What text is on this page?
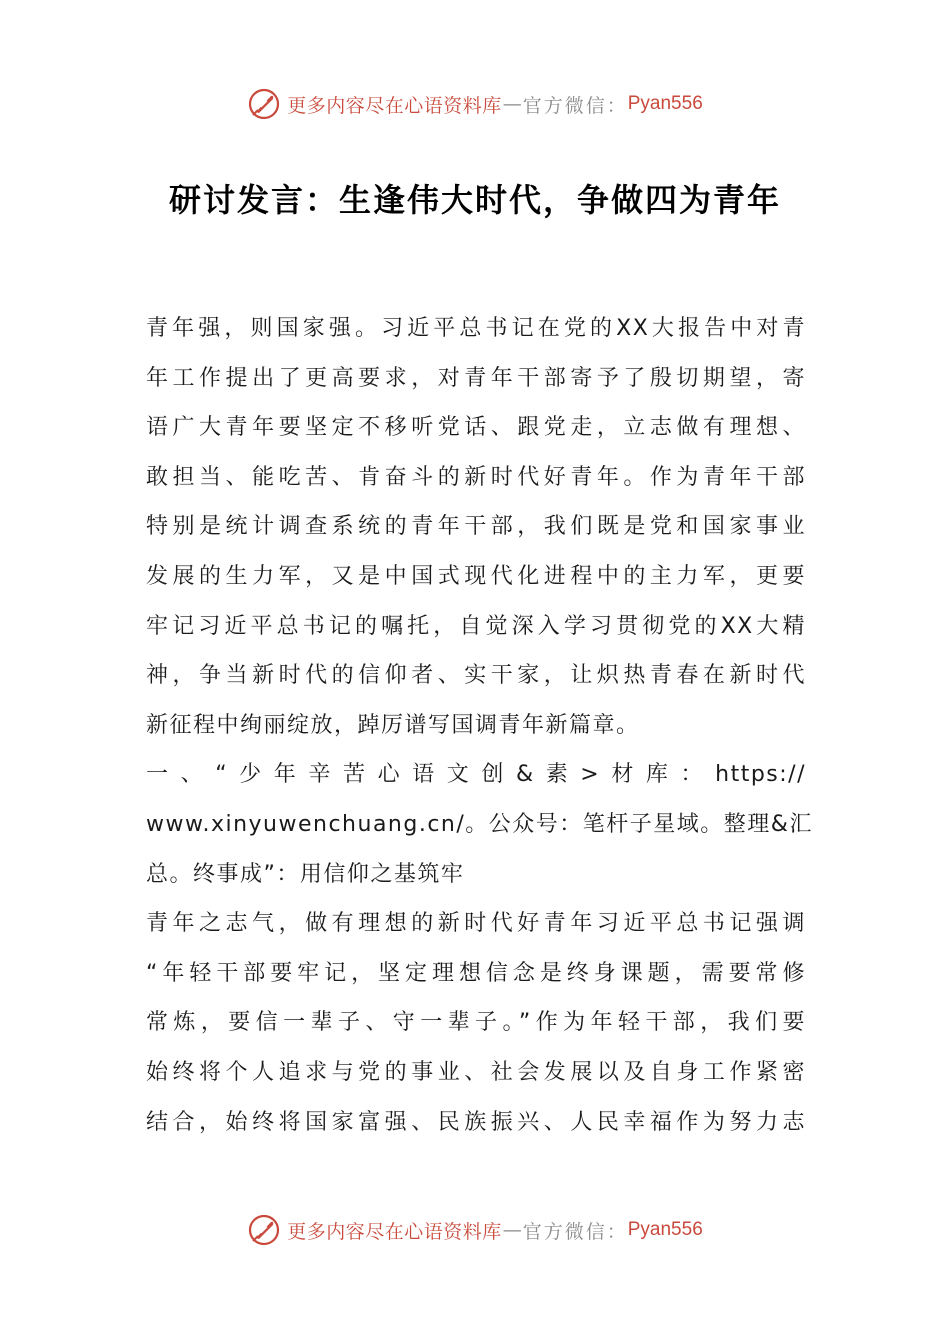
更多内容尽在心语资料库 — 官方微信： Pyan556
研讨发言：生逢伟大时代，争做四为青年
青年强，则国家强。习近平总书记在党的XX大报告中对青
年工作提出了更高要求，对青年干部寄予了殷切期望，寄
语广大青年要坚定不移听党话、跟党走，立志做有理想、
敢担当、能吃苦、肯奋斗的新时代好青年。作为青年干部
特别是统计调查系统的青年干部，我们既是党和国家事业
发展的生力军，又是中国式现代化进程中的主力军，更要
牢记习近平总书记的嘱托，自觉深入学习贯彻党的XX大精
神，争当新时代的信仰者、实干家，让炽热青春在新时代
新征程中绚丽绽放，踔厉谱写国调青年新篇章。
一、“少年辛苦心语文创&素>材库：https://
www.xinyuwenchuang.cn/。公众号：笔杆子星域。整理&汇
总。终事成”：用信仰之基筑牢
青年之志气，做有理想的新时代好青年习近平总书记强调
“年轻干部要牢记，坚定理想信念是终身课题，需要常修
常炼，要信一辈子、守一辈子。”作为年轻干部，我们要
始终将个人追求与党的事业、社会发展以及自身工作紧密
结合，始终将国家富强、民族振兴、人民幸福作为努力志
更多内容尽在心语资料库 — 官方微信： Pyan556
